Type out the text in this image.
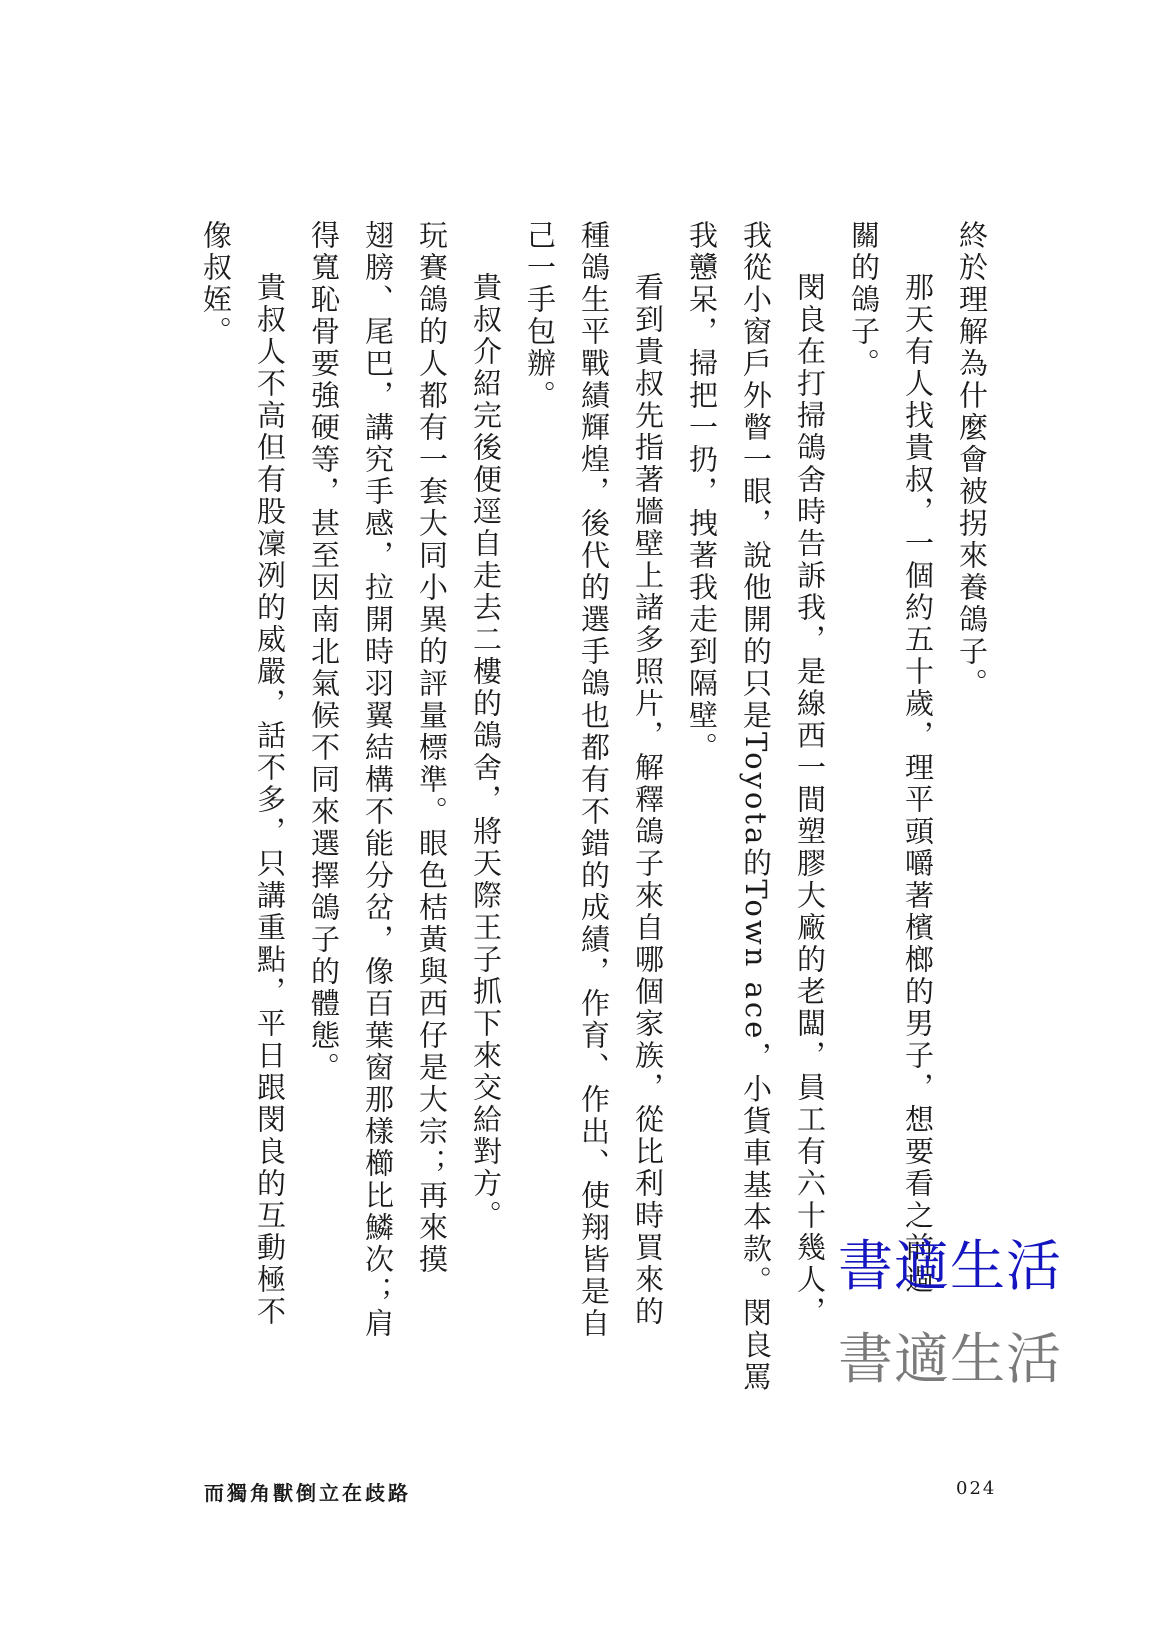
終於理解為什麼會被拐來養鴿子。
那天有人找貴叔，一個約五十歲，理平頭嚼著檳榔的男子，想要看之前過
關的鴿子。
閔良在打掃鴿舍時告訴我，是線西一間塑膠大廠的老闆，員工有六十幾人，
我從小窗戶外瞥一眼，說他開的只是Toyota的Town ace，小貨車基本款。閔良罵
我戇呆，掃把一扔，拽著我走到隔壁。
看到貴叔先指著牆壁上諸多照片，解釋鴿子來自哪個家族，從比利時買來的
種鴿生平戰績輝煌，後代的選手鴿也都有不錯的成績，作育、作出、使翔皆是自
己一手包辦。
貴叔介紹完後便逕自走去二樓的鴿舍，將天際王子抓下來交給對方。
玩賽鴿的人都有一套大同小異的評量標準。眼色桔黃與西仔是大宗；再來摸
翅膀、尾巴，講究手感，拉開時羽翼結構不能分岔，像百葉窗那樣櫛比鱗次；肩
得寬恥骨要強硬等，甚至因南北氣候不同來選擇鴿子的體態。
貴叔人不高但有股凜冽的威嚴，話不多，只講重點，平日跟閔良的互動極不
像叔姪。
書適生活
書適生活
而獨角獸倒立在歧路	024
